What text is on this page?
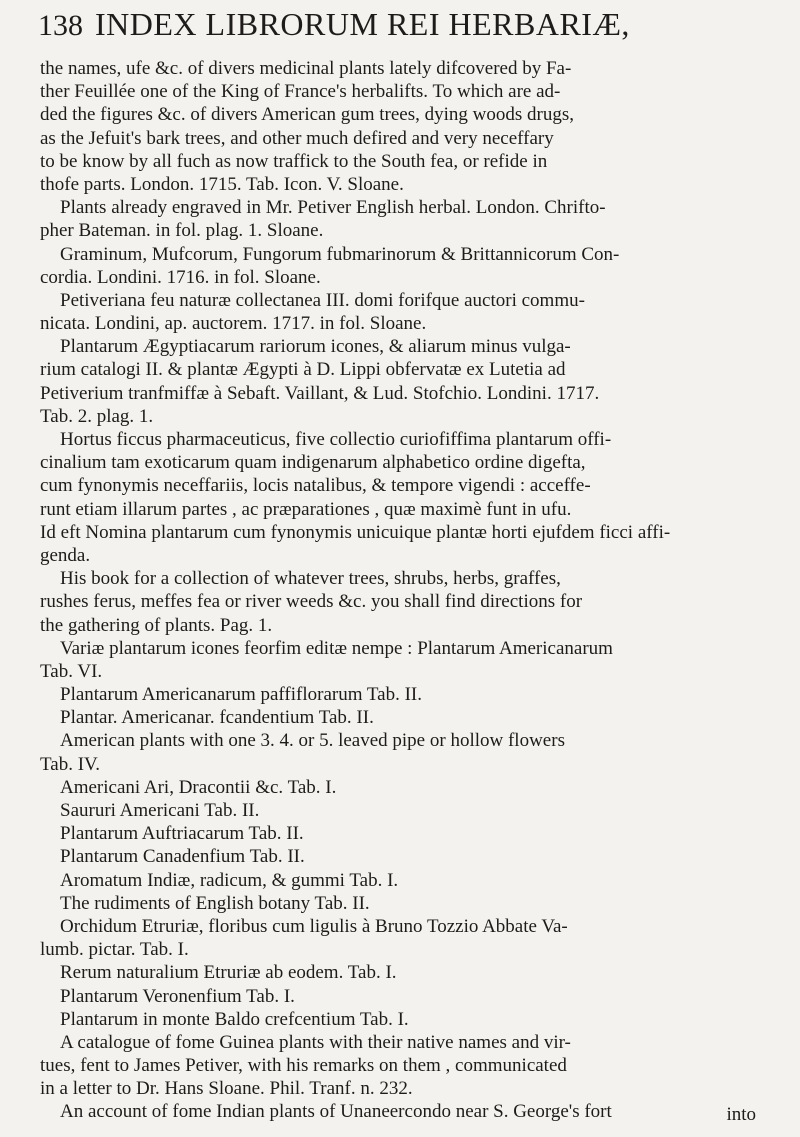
138 INDEX LIBRORUM REI HERBARIÆ,
the names, ufe &c. of divers medicinal plants lately difcovered by Fa-
ther Feuillée one of the King of France's herbalifts. To which are ad-
ded the figures &c. of divers American gum trees, dying woods drugs,
as the Jefuit's bark trees, and other much defired and very neceffary
to be know by all fuch as now traffick to the South fea, or refide in
thofe parts. London. 1715. Tab. Icon. V. Sloane.
Plants already engraved in Mr. Petiver English herbal. London. Chrifto-
pher Bateman. in fol. plag. 1. Sloane.
Graminum, Mufcorum, Fungorum fubmarinorum & Brittannicorum Con-
cordia. Londini. 1716. in fol. Sloane.
Petiveriana feu naturæ collectanea III. domi forifque auctori commu-
nicata. Londini, ap. auctorem. 1717. in fol. Sloane.
Plantarum Ægyptiacarum rariorum icones, & aliarum minus vulga-
rium catalogi II. & plantæ Ægypti à D. Lippi obfervatæ ex Lutetia ad
Petiverium tranfmiffæ à Sebaft. Vaillant, & Lud. Stofchio. Londini. 1717.
Tab. 2. plag. 1.
Hortus ficcus pharmaceuticus, five collectio curiofiffima plantarum offi-
cinalium tam exoticarum quam indigenarum alphabetico ordine digefta,
cum fynonymis neceffariis, locis natalibus, & tempore vigendi : acceffe-
runt etiam illarum partes , ac præparationes , quæ maximè funt in ufu.
Id eft Nomina plantarum cum fynonymis unicuique plantæ horti ejufdem ficci affi-
genda.
His book for a collection of whatever trees, shrubs, herbs, graffes,
rushes ferus, meffes fea or river weeds &c. you shall find directions for
the gathering of plants. Pag. 1.
Variæ plantarum icones feorfim editæ nempe : Plantarum Americanarum
Tab. VI.
Plantarum Americanarum paffiflorarum Tab. II.
Plantar. Americanar. fcandentium Tab. II.
American plants with one 3. 4. or 5. leaved pipe or hollow flowers
Tab. IV.
Americani Ari, Dracontii &c. Tab. I.
Saururi Americani Tab. II.
Plantarum Auftriacarum Tab. II.
Plantarum Canadenfium Tab. II.
Aromatum Indiæ, radicum, & gummi Tab. I.
The rudiments of English botany Tab. II.
Orchidum Etruriæ, floribus cum ligulis à Bruno Tozzio Abbate Va-
lumb. pictar. Tab. I.
Rerum naturalium Etruriæ ab eodem. Tab. I.
Plantarum Veronenfium Tab. I.
Plantarum in monte Baldo crefcentium Tab. I.
A catalogue of fome Guinea plants with their native names and vir-
tues, fent to James Petiver, with his remarks on them , communicated
in a letter to Dr. Hans Sloane. Phil. Tranf. n. 232.
An account of fome Indian plants of Unaneercondo near S. George's fort	into
